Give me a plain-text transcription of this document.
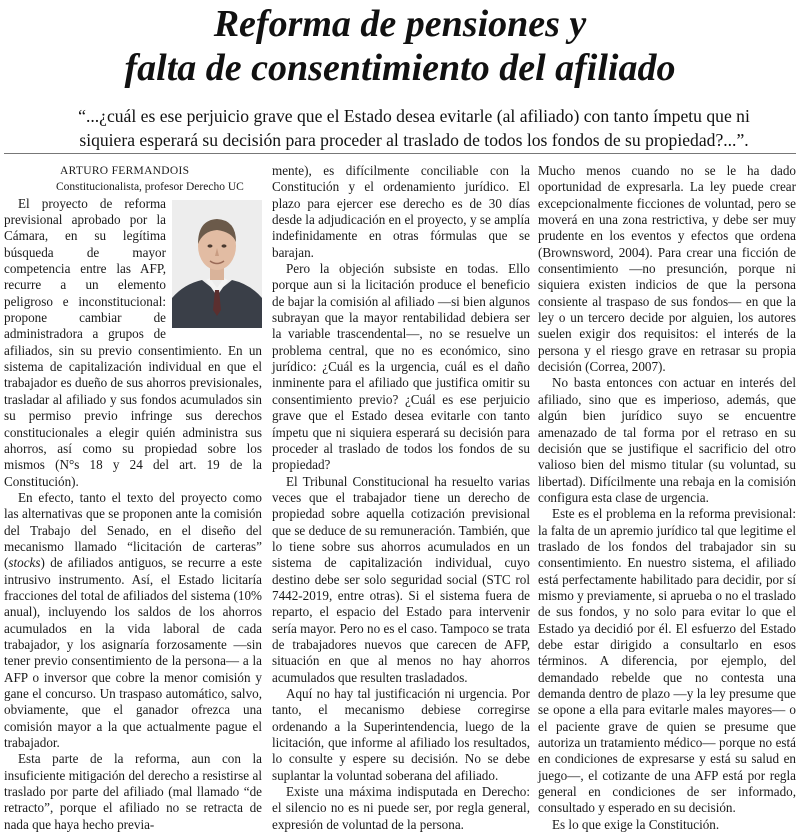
Reforma de pensiones y
falta de consentimiento del afiliado

“...¿cuál es ese perjuicio grave que el Estado desea evitarle (al afiliado) con tanto ímpetu que ni siquiera esperará su decisión para proceder al traslado de todos los fondos de su propiedad?...”.

ARTURO FERMANDOIS

Constitucionalista, profesor Derecho UC

El proyecto de reforma previsional aprobado por la Cámara, en su legítima búsqueda de mayor competencia entre las AFP, recurre a un elemento peligroso e inconstitucional: propone cambiar de administradora a grupos de afiliados, sin su previo consentimiento. En un sistema de capitalización individual en que el trabajador es dueño de sus ahorros previsionales, trasladar al afiliado y sus fondos acumulados sin su permiso previo infringe sus derechos constitucionales a elegir quién administra sus ahorros, así como su propiedad sobre los mismos (N°s 18 y 24 del art. 19 de la Constitución).

En efecto, tanto el texto del proyecto como las alternativas que se proponen ante la comisión del Trabajo del Senado, en el diseño del mecanismo llamado “licitación de carteras” (stocks) de afiliados antiguos, se recurre a este intrusivo instrumento. Así, el Estado licitaría fracciones del total de afiliados del sistema (10% anual), incluyendo los saldos de los ahorros acumulados en la vida laboral de cada trabajador, y los asignaría forzosamente —sin tener previo consentimiento de la persona— a la AFP o inversor que cobre la menor comisión y gane el concurso. Un traspaso automático, salvo, obviamente, que el ganador ofrezca una comisión mayor a la que actualmente pague el trabajador.

Esta parte de la reforma, aun con la insuficiente mitigación del derecho a resistirse al traslado por parte del afiliado (mal llamado “de retracto”, porque el afiliado no se retracta de nada que haya hecho previa-

mente), es difícilmente conciliable con la Constitución y el ordenamiento jurídico. El plazo para ejercer ese derecho es de 30 días desde la adjudicación en el proyecto, y se amplía indefinidamente en otras fórmulas que se barajan.

Pero la objeción subsiste en todas. Ello porque aun si la licitación produce el beneficio de bajar la comisión al afiliado —si bien algunos subrayan que la mayor rentabilidad debiera ser la variable trascendental—, no se resuelve un problema central, que no es económico, sino jurídico: ¿Cuál es la urgencia, cuál es el daño inminente para el afiliado que justifica omitir su consentimiento previo? ¿Cuál es ese perjuicio grave que el Estado desea evitarle con tanto ímpetu que ni siquiera esperará su decisión para proceder al traslado de todos los fondos de su propiedad?

El Tribunal Constitucional ha resuelto varias veces que el trabajador tiene un derecho de propiedad sobre aquella cotización previsional que se deduce de su remuneración. También, que lo tiene sobre sus ahorros acumulados en un sistema de capitalización individual, cuyo destino debe ser solo seguridad social (STC rol 7442-2019, entre otras). Si el sistema fuera de reparto, el espacio del Estado para intervenir sería mayor. Pero no es el caso. Tampoco se trata de trabajadores nuevos que carecen de AFP, situación en que al menos no hay ahorros acumulados que resulten trasladados.

Aquí no hay tal justificación ni urgencia. Por tanto, el mecanismo debiese corregirse ordenando a la Superintendencia, luego de la licitación, que informe al afiliado los resultados, lo consulte y espere su decisión. No se debe suplantar la voluntad soberana del afiliado.

Existe una máxima indisputada en Derecho: el silencio no es ni puede ser, por regla general, expresión de voluntad de la persona.

Mucho menos cuando no se le ha dado oportunidad de expresarla. La ley puede crear excepcionalmente ficciones de voluntad, pero se moverá en una zona restrictiva, y debe ser muy prudente en los eventos y efectos que ordena (Brownsword, 2004). Para crear una ficción de consentimiento —no presunción, porque ni siquiera existen indicios de que la persona consiente al traspaso de sus fondos— en que la ley o un tercero decide por alguien, los autores suelen exigir dos requisitos: el interés de la persona y el riesgo grave en retrasar su propia decisión (Correa, 2007).

No basta entonces con actuar en interés del afiliado, sino que es imperioso, además, que algún bien jurídico suyo se encuentre amenazado de tal forma por el retraso en su decisión que se justifique el sacrificio del otro valioso bien del mismo titular (su voluntad, su libertad). Difícilmente una rebaja en la comisión configura esta clase de urgencia.

Este es el problema en la reforma previsional: la falta de un apremio jurídico tal que legitime el traslado de los fondos del trabajador sin su consentimiento. En nuestro sistema, el afiliado está perfectamente habilitado para decidir, por sí mismo y previamente, si aprueba o no el traslado de sus fondos, y no solo para evitar lo que el Estado ya decidió por él. El esfuerzo del Estado debe estar dirigido a consultarlo en esos términos. A diferencia, por ejemplo, del demandado rebelde que no contesta una demanda dentro de plazo —y la ley presume que se opone a ella para evitarle males mayores— o el paciente grave de quien se presume que autoriza un tratamiento médico— porque no está en condiciones de expresarse y está su salud en juego—, el cotizante de una AFP está por regla general en condiciones de ser informado, consultado y esperado en su decisión.

Es lo que exige la Constitución.
